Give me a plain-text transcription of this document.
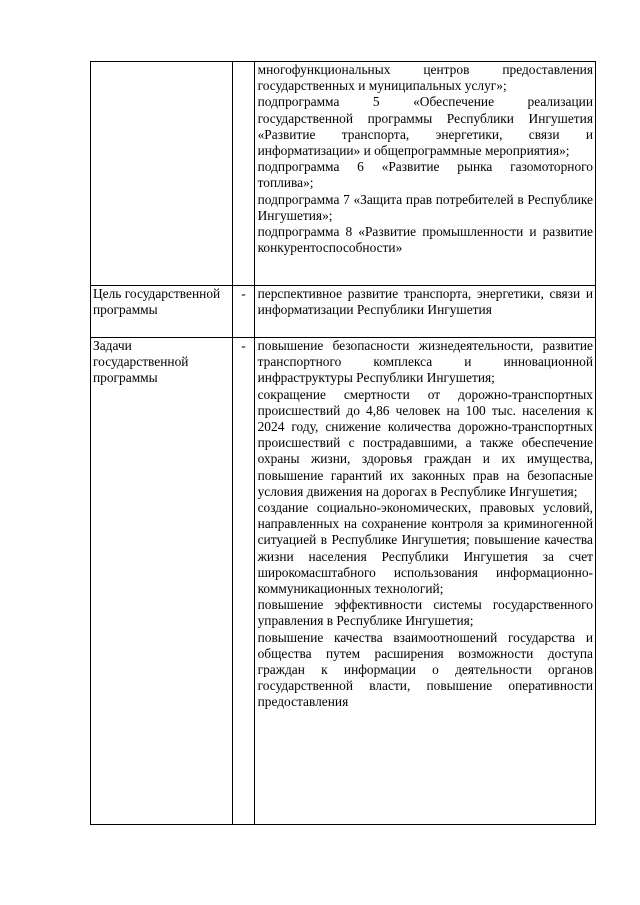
		многофункциональных центров предоставления государственных и муниципальных услуг»;
подпрограмма 5 «Обеспечение реализации государственной программы Республики Ингушетия «Развитие транспорта, энергетики, связи и информатизации» и общепрограммные мероприятия»;
подпрограмма 6 «Развитие рынка газомоторного топлива»;
подпрограмма 7 «Защита прав потребителей в Республике Ингушетия»;
подпрограмма 8 «Развитие промышленности и развитие конкурентоспособности»

Цель государственной программы	-	перспективное развитие транспорта, энергетики, связи и информатизации Республики Ингушетия

Задачи государственной программы	-	повышение безопасности жизнедеятельности, развитие транспортного комплекса и инновационной инфраструктуры Республики Ингушетия;
сокращение смертности от дорожно-транспортных происшествий до 4,86 человек на 100 тыс. населения к 2024 году, снижение количества дорожно-транспортных происшествий с пострадавшими, а также обеспечение охраны жизни, здоровья граждан и их имущества, повышение гарантий их законных прав на безопасные условия движения на дорогах в Республике Ингушетия;
создание социально-экономических, правовых условий, направленных на сохранение контроля за криминогенной ситуацией в Республике Ингушетия; повышение качества жизни населения Республики Ингушетия за счет широкомасштабного использования информационно-коммуникационных технологий;
повышение эффективности системы государственного управления в Республике Ингушетия;
повышение качества взаимоотношений государства и общества путем расширения возможности доступа граждан к информации о деятельности органов государственной власти, повышение оперативности предоставления
